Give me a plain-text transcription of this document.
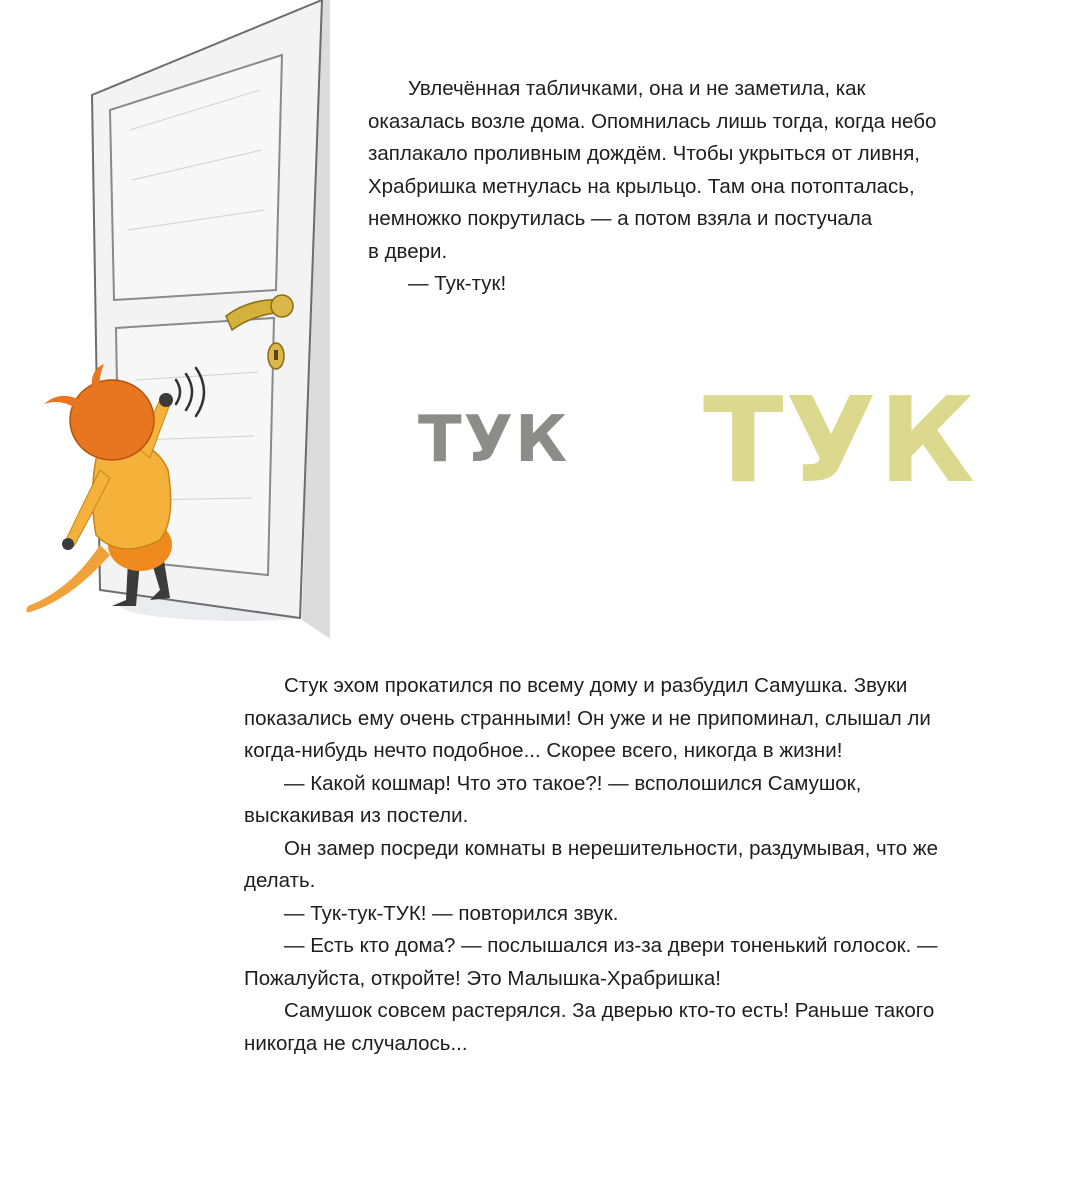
Увлечённая табличками, она и не заметила, как

оказалась возле дома. Опомнилась лишь тогда, когда небо

заплакало проливным дождём. Чтобы укрыться от ливня,

Храбришка метнулась на крыльцо. Там она потопталась,

немножко покрутилась — а потом взяла и постучала

в двери.

— Тук-тук!

ТУК ТУК

Стук эхом прокатился по всему дому и разбудил Самушка. Звуки

показались ему очень странными! Он уже и не припоминал, слышал ли

когда-нибудь нечто подобное... Скорее всего, никогда в жизни!

— Какой кошмар! Что это такое?! — всполошился Самушок,

выскакивая из постели.

Он замер посреди комнаты в нерешительности, раздумывая, что же

делать.

— Тук-тук-ТУК! — повторился звук.

— Есть кто дома? — послышался из-за двери тоненький голосок. —

Пожалуйста, откройте! Это Малышка-Храбришка!

Самушок совсем растерялся. За дверью кто-то есть! Раньше такого

никогда не случалось...
